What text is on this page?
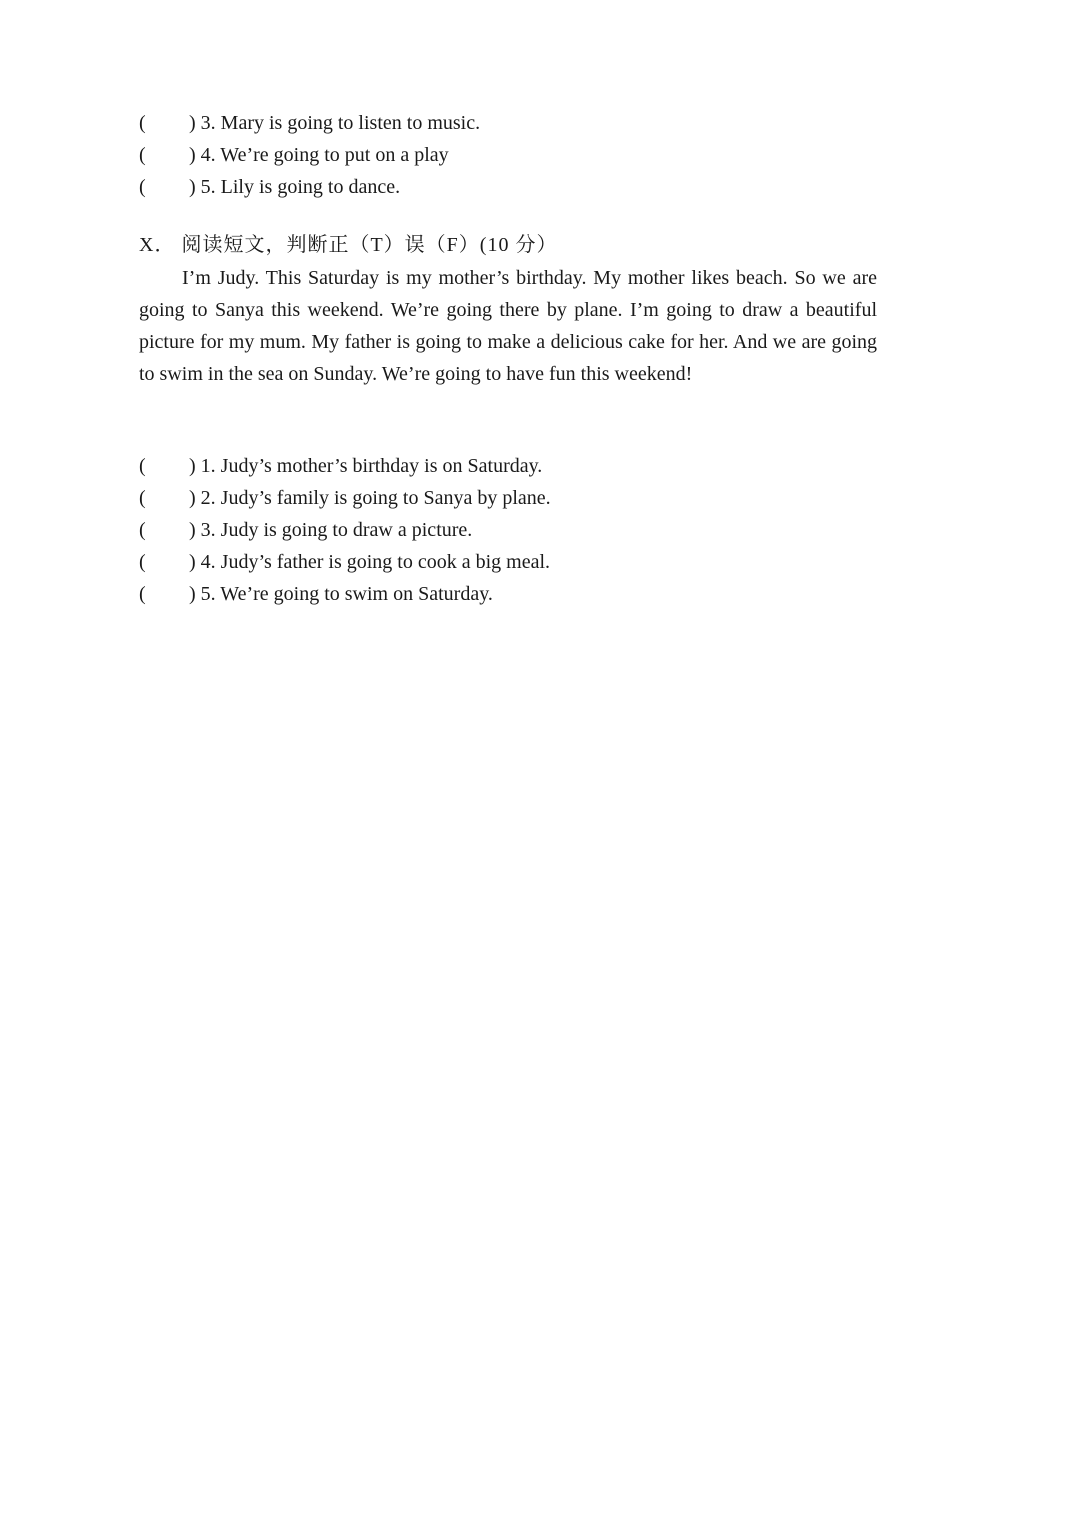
( ) 3. Mary is going to listen to music.
( ) 4. We’re going to put on a play
( ) 5. Lily is going to dance.
X． 阅读短文，判断正（T）误（F）(10 分）

I’m Judy. This Saturday is my mother’s birthday. My mother likes beach. So we are going to Sanya this weekend. We’re going there by plane. I’m going to draw a beautiful picture for my mum. My father is going to make a delicious cake for her. And we are going to swim in the sea on Sunday. We’re going to have fun this weekend!

( ) 1. Judy’s mother’s birthday is on Saturday.
( ) 2. Judy’s family is going to Sanya by plane.
( ) 3. Judy is going to draw a picture.
( ) 4. Judy’s father is going to cook a big meal.
( ) 5. We’re going to swim on Saturday.
